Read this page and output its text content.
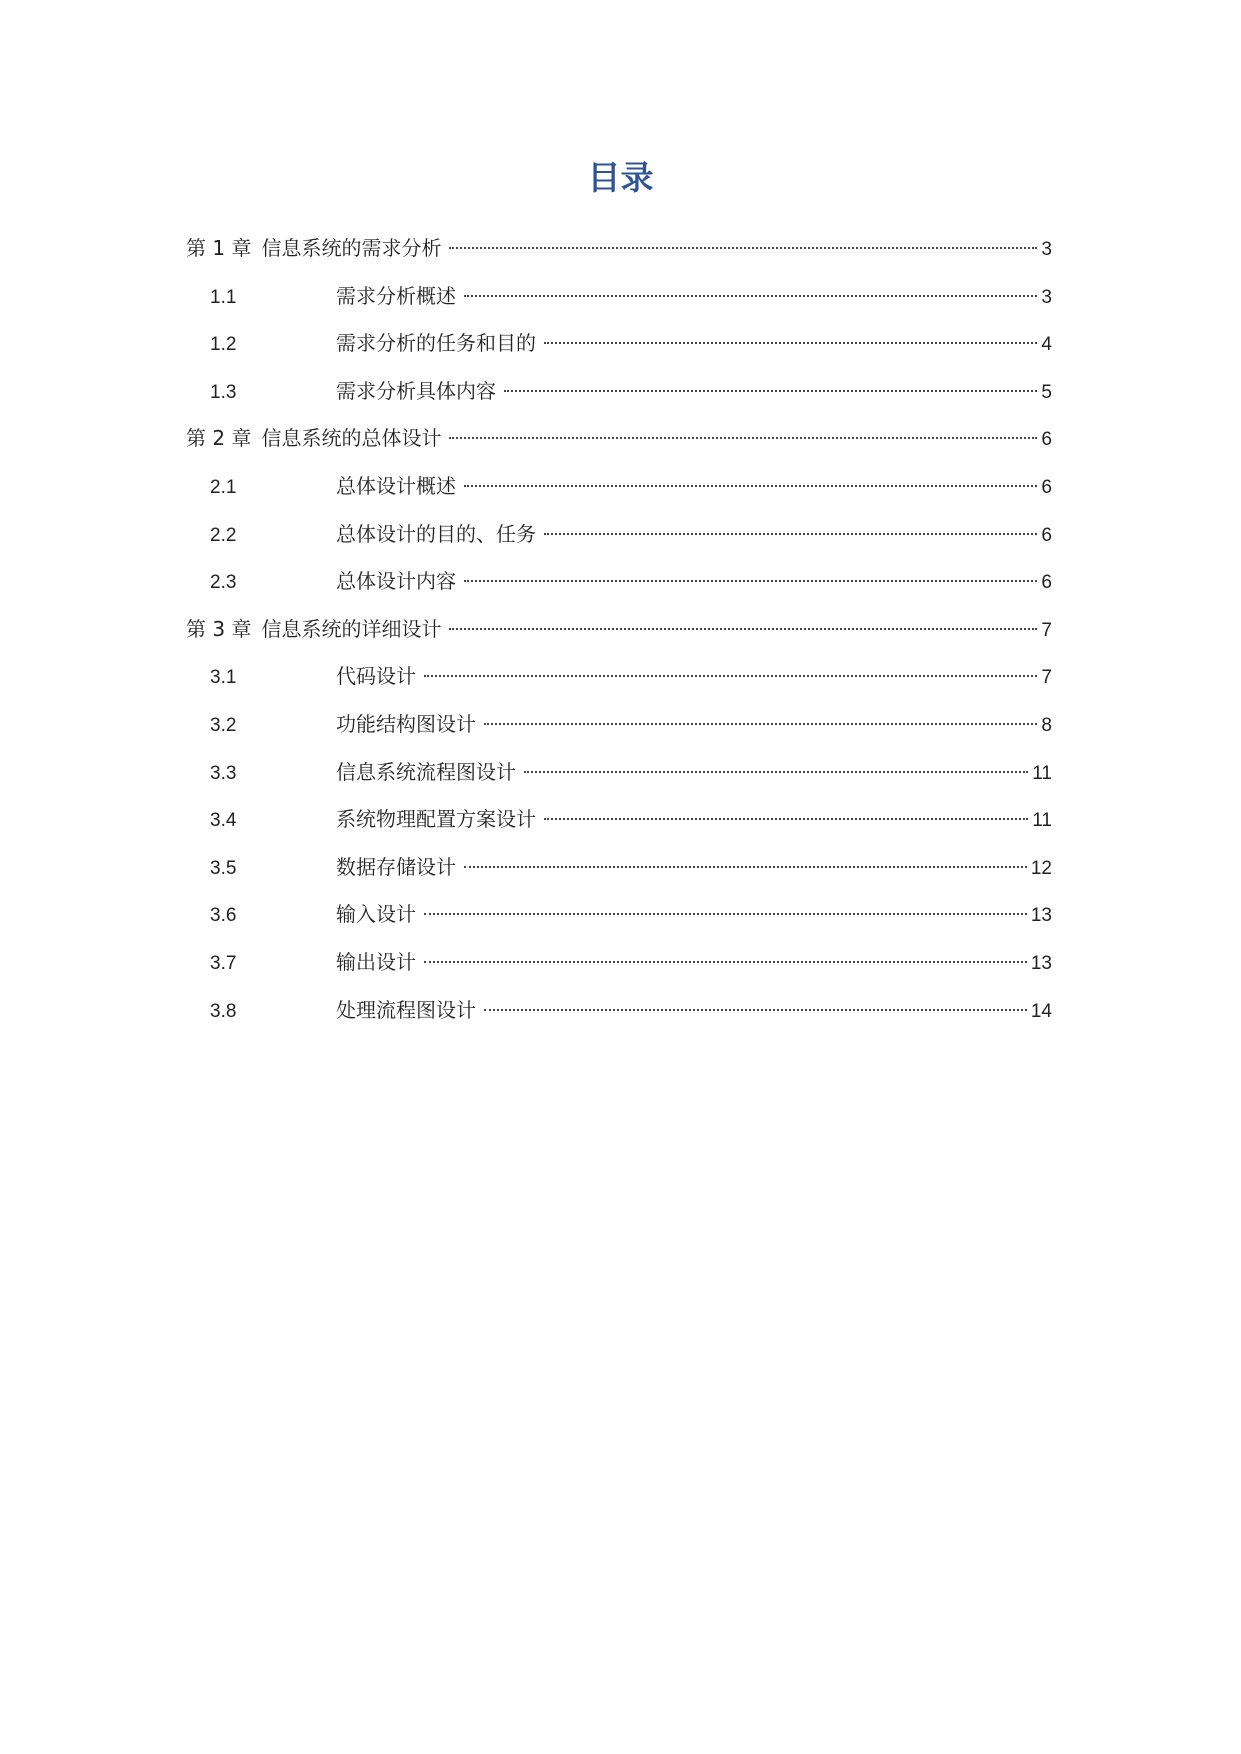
目录
第 1 章 信息系统的需求分析	3
1.1	需求分析概述	3
1.2	需求分析的任务和目的	4
1.3	需求分析具体内容	5
第 2 章 信息系统的总体设计	6
2.1	总体设计概述	6
2.2	总体设计的目的、任务	6
2.3	总体设计内容	6
第 3 章 信息系统的详细设计	7
3.1	代码设计	7
3.2	功能结构图设计	8
3.3	信息系统流程图设计	11
3.4	系统物理配置方案设计	11
3.5	数据存储设计	12
3.6	输入设计	13
3.7	输出设计	13
3.8	处理流程图设计	14
